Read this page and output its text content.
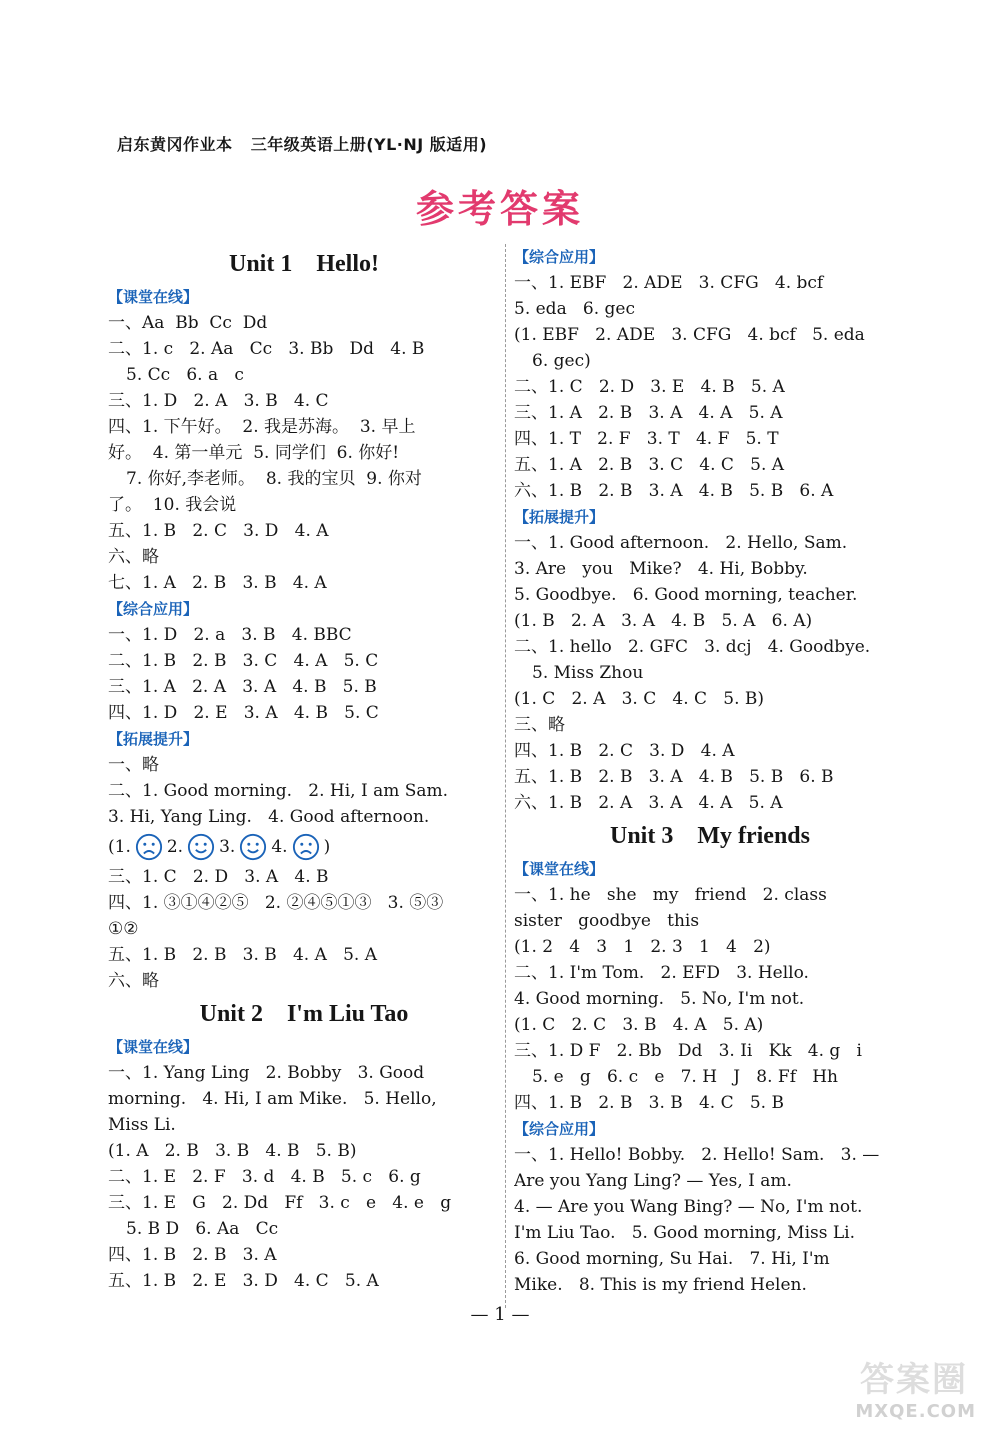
启东黄冈作业本   三年级英语上册(YL·NJ 版适用)
参考答案
Unit 1    Hello!
【课堂在线】
一、Aa  Bb  Cc  Dd
二、1. c   2. Aa   Cc   3. Bb   Dd   4. B
5. Cc   6. a   c
三、1. D   2. A   3. B   4. C
四、1. 下午好。  2. 我是苏海。  3. 早上
好。  4. 第一单元  5. 同学们  6. 你好!
7. 你好,李老师。  8. 我的宝贝  9. 你对
了。  10. 我会说
五、1. B   2. C   3. D   4. A
六、略
七、1. A   2. B   3. B   4. A
【综合应用】
一、1. D   2. a   3. B   4. BBC
二、1. B   2. B   3. C   4. A   5. C
三、1. A   2. A   3. A   4. B   5. B
四、1. D   2. E   3. A   4. B   5. C
【拓展提升】
一、略
二、1. Good morning.   2. Hi, I am Sam.
3. Hi, Yang Ling.   4. Good afternoon.
(1. 2. 3. 4. )
三、1. C   2. D   3. A   4. B
四、1. ③①④②⑤   2. ②④⑤①③   3. ⑤③
①②
五、1. B   2. B   3. B   4. A   5. A
六、略
Unit 2    I'm Liu Tao
【课堂在线】
一、1. Yang Ling   2. Bobby   3. Good
morning.   4. Hi, I am Mike.   5. Hello,
Miss Li.
(1. A   2. B   3. B   4. B   5. B)
二、1. E   2. F   3. d   4. B   5. c   6. g
三、1. E   G   2. Dd   Ff   3. c   e   4. e   g
5. B D   6. Aa   Cc
四、1. B   2. B   3. A
五、1. B   2. E   3. D   4. C   5. A
【综合应用】
一、1. EBF   2. ADE   3. CFG   4. bcf
5. eda   6. gec
(1. EBF   2. ADE   3. CFG   4. bcf   5. eda
6. gec)
二、1. C   2. D   3. E   4. B   5. A
三、1. A   2. B   3. A   4. A   5. A
四、1. T   2. F   3. T   4. F   5. T
五、1. A   2. B   3. C   4. C   5. A
六、1. B   2. B   3. A   4. B   5. B   6. A
【拓展提升】
一、1. Good afternoon.   2. Hello, Sam.
3. Are   you   Mike?   4. Hi, Bobby.
5. Goodbye.   6. Good morning, teacher.
(1. B   2. A   3. A   4. B   5. A   6. A)
二、1. hello   2. GFC   3. dcj   4. Goodbye.
5. Miss Zhou
(1. C   2. A   3. C   4. C   5. B)
三、略
四、1. B   2. C   3. D   4. A
五、1. B   2. B   3. A   4. B   5. B   6. B
六、1. B   2. A   3. A   4. A   5. A
Unit 3    My friends
【课堂在线】
一、1. he   she   my   friend   2. class
sister   goodbye   this
(1. 2   4   3   1   2. 3   1   4   2)
二、1. I'm Tom.   2. EFD   3. Hello.
4. Good morning.   5. No, I'm not.
(1. C   2. C   3. B   4. A   5. A)
三、1. D F   2. Bb   Dd   3. Ii   Kk   4. g   i
5. e   g   6. c   e   7. H   J   8. Ff   Hh
四、1. B   2. B   3. B   4. C   5. B
【综合应用】
一、1. Hello! Bobby.   2. Hello! Sam.   3. —
Are you Yang Ling? — Yes, I am.
4. — Are you Wang Bing? — No, I'm not.
I'm Liu Tao.   5. Good morning, Miss Li.
6. Good morning, Su Hai.   7. Hi, I'm
Mike.   8. This is my friend Helen.
— 1 —
答案圈
MXQE.COM
